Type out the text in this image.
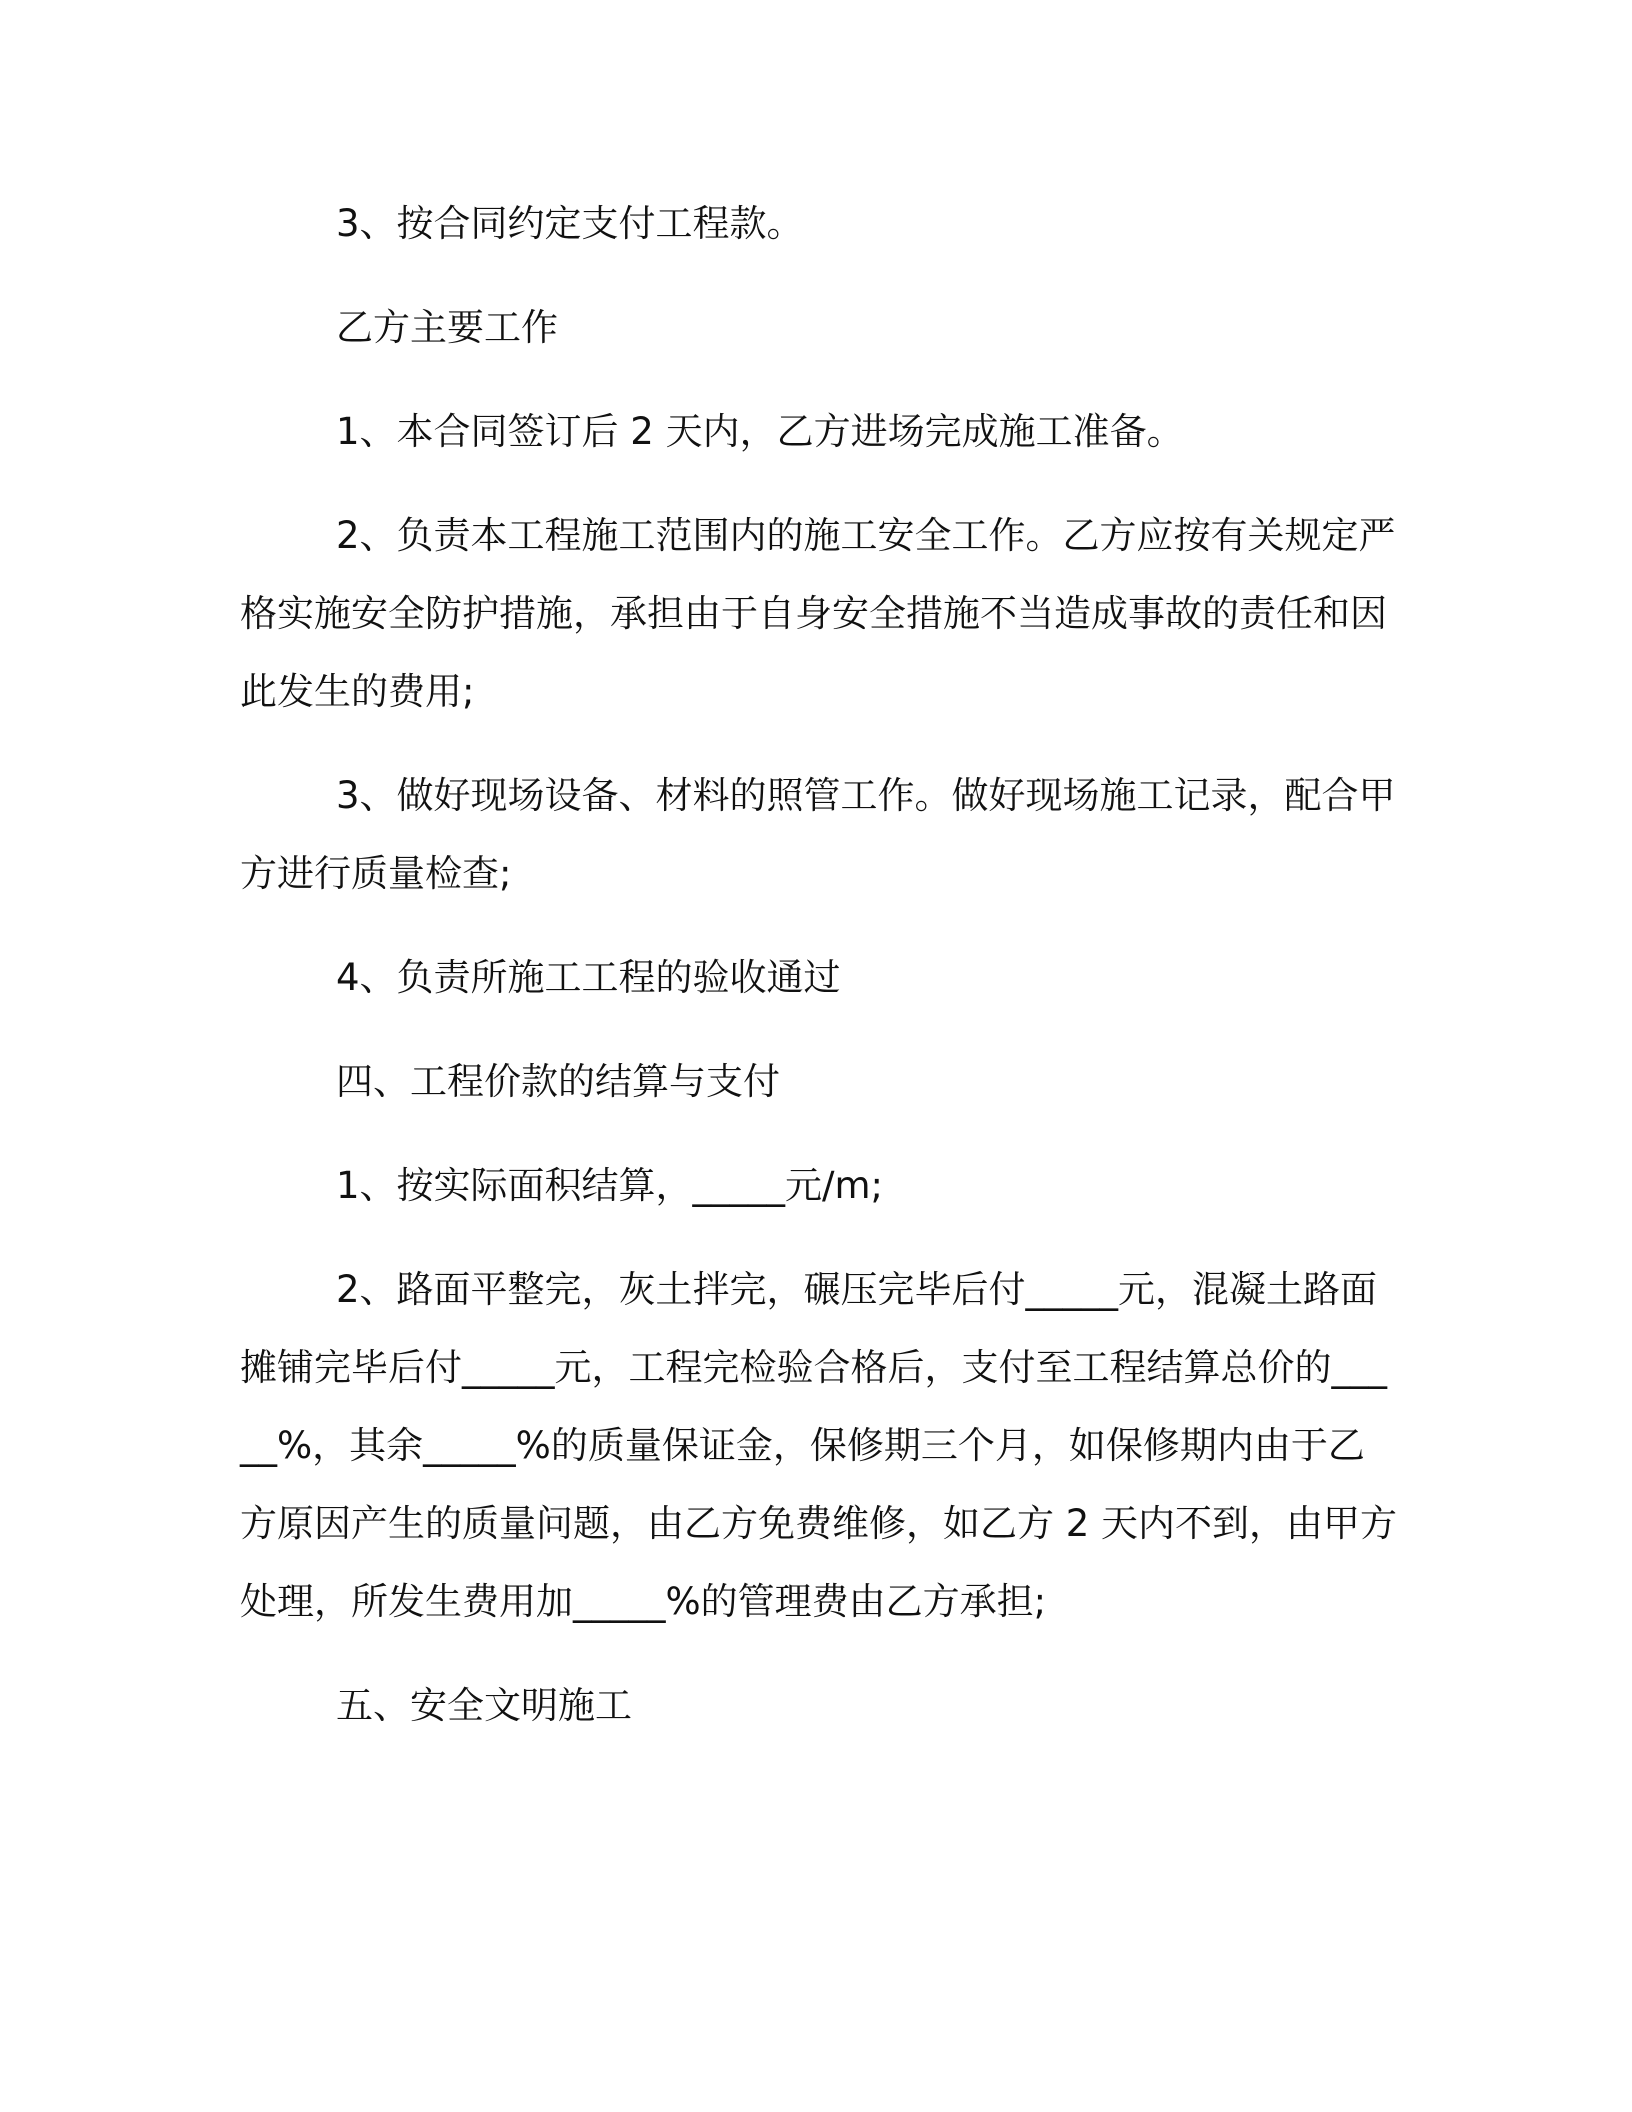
3、按合同约定支付工程款。

乙方主要工作

1、本合同签订后 2 天内，乙方进场完成施工准备。

2、负责本工程施工范围内的施工安全工作。乙方应按有关规定严格实施安全防护措施，承担由于自身安全措施不当造成事故的责任和因此发生的费用;

3、做好现场设备、材料的照管工作。做好现场施工记录，配合甲方进行质量检查;

4、负责所施工工程的验收通过

四、工程价款的结算与支付

1、按实际面积结算，_____元/m;

2、路面平整完，灰土拌完，碾压完毕后付_____元，混凝土路面摊铺完毕后付_____元，工程完检验合格后，支付至工程结算总价的_____%，其余_____%的质量保证金，保修期三个月，如保修期内由于乙方原因产生的质量问题，由乙方免费维修，如乙方 2 天内不到，由甲方处理，所发生费用加_____%的管理费由乙方承担;

五、安全文明施工
